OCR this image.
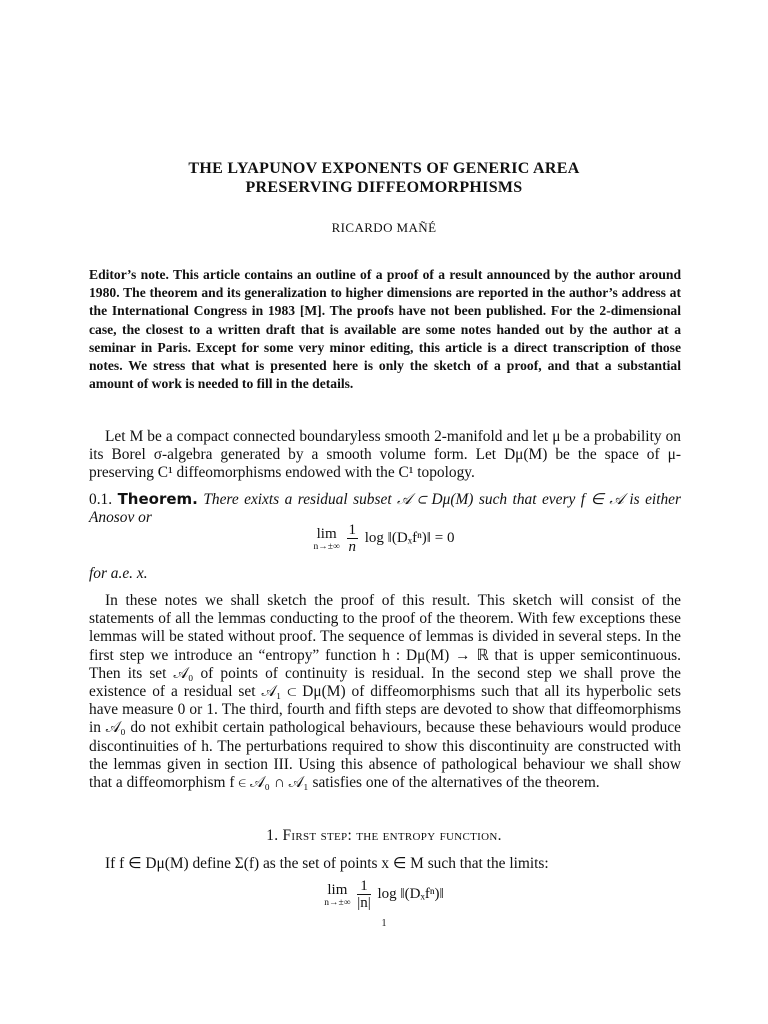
THE LYAPUNOV EXPONENTS OF GENERIC AREA
PRESERVING DIFFEOMORPHISMS
RICARDO MAÑÉ
Editor’s note. This article contains an outline of a proof of a result announced by the author around 1980. The theorem and its generalization to higher dimensions are reported in the author’s address at the International Congress in 1983 [M]. The proofs have not been published. For the 2-dimensional case, the closest to a written draft that is available are some notes handed out by the author at a seminar in Paris. Except for some very minor editing, this article is a direct transcription of those notes. We stress that what is presented here is only the sketch of a proof, and that a substantial amount of work is needed to fill in the details.
Let M be a compact connected boundaryless smooth 2-manifold and let μ be a probability on its Borel σ-algebra generated by a smooth volume form. Let Dμ(M) be the space of μ-preserving C¹ diffeomorphisms endowed with the C¹ topology.
0.1. Theorem. There exixts a residual subset 𝒜 ⊂ Dμ(M) such that every f ∈ 𝒜 is either Anosov or
lim
n→±∞
$\frac{1}{n}$ log ‖(Dₓfⁿ)‖ = 0
for a.e. x.
In these notes we shall sketch the proof of this result. This sketch will consist of the statements of all the lemmas conducting to the proof of the theorem. With few exceptions these lemmas will be stated without proof. The sequence of lemmas is divided in several steps. In the first step we introduce an “entropy” function h : Dμ(M) → ℝ that is upper semicontinuous. Then its set 𝒜₀ of points of continuity is residual. In the second step we shall prove the existence of a residual set 𝒜₁ ⊂ Dμ(M) of diffeomorphisms such that all its hyperbolic sets have measure 0 or 1. The third, fourth and fifth steps are devoted to show that diffeomorphisms in 𝒜₀ do not exhibit certain pathological behaviours, because these behaviours would produce discontinuities of h. The perturbations required to show this discontinuity are constructed with the lemmas given in section III. Using this absence of pathological behaviour we shall show that a diffeomorphism f ∈ 𝒜₀ ∩ 𝒜₁ satisfies one of the alternatives of the theorem.
1. First step: the entropy function.
If f ∈ Dμ(M) define Σ(f) as the set of points x ∈ M such that the limits:
lim
n→±∞
$\frac{1}{|n|}$ log ‖(Dₓfⁿ)‖
1
